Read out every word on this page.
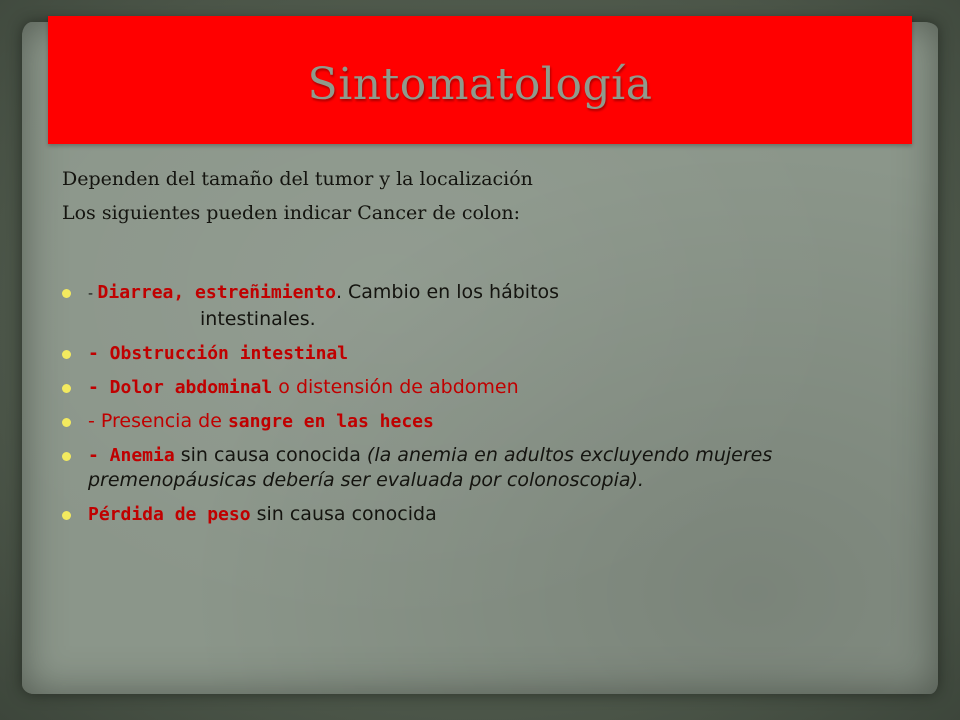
Sintomatología

Dependen del tamaño del tumor y la localización

Los siguientes pueden indicar Cancer de colon:

- Diarrea, estreñimiento. Cambio en los hábitos
intestinales.
- Obstrucción intestinal
- Dolor abdominal o distensión de abdomen
- Presencia de sangre en las heces
- Anemia sin causa conocida (la anemia en adultos excluyendo mujeres premenopáusicas debería ser evaluada por colonoscopia).
Pérdida de peso sin causa conocida
